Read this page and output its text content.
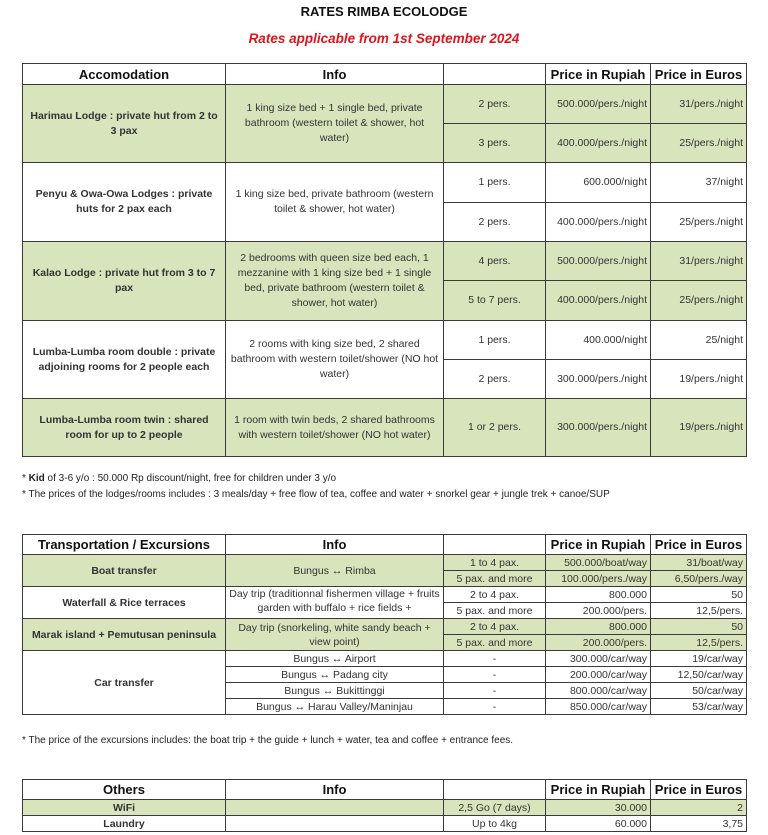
RATES RIMBA ECOLODGE
Rates applicable from 1st September 2024
Accomodation	Info		Price in Rupiah	Price in Euros
Harimau Lodge : private hut from 2 to 3 pax	1 king size bed + 1 single bed, private bathroom (western toilet & shower, hot water)	2 pers.	500.000/pers./night	31/pers./night
		3 pers.	400.000/pers./night	25/pers./night
Penyu & Owa-Owa Lodges : private huts for 2 pax each	1 king size bed, private bathroom (western toilet & shower, hot water)	1 pers.	600.000/night	37/night
		2 pers.	400.000/pers./night	25/pers./night
Kalao Lodge : private hut from 3 to 7 pax	2 bedrooms with queen size bed each, 1 mezzanine with 1 king size bed + 1 single bed, private bathroom (western toilet & shower, hot water)	4 pers.	500.000/pers./night	31/pers./night
		5 to 7 pers.	400.000/pers./night	25/pers./night
Lumba-Lumba room double : private adjoining rooms for 2 people each	2 rooms with king size bed, 2 shared bathroom with western toilet/shower (NO hot water)	1 pers.	400.000/night	25/night
		2 pers.	300.000/pers./night	19/pers./night
Lumba-Lumba room twin : shared room for up to 2 people	1 room with twin beds, 2 shared bathrooms with western toilet/shower (NO hot water)	1 or 2 pers.	300.000/pers./night	19/pers./night
* Kid of 3-6 y/o : 50.000 Rp discount/night, free for children under 3 y/o
* The prices of the lodges/rooms includes : 3 meals/day + free flow of tea, coffee and water + snorkel gear + jungle trek + canoe/SUP
Transportation / Excursions	Info		Price in Rupiah	Price in Euros
Boat transfer	Bungus ↔ Rimba	1 to 4 pax.	500.000/boat/way	31/boat/way
		5 pax. and more	100.000/pers./way	6,50/pers./way
Waterfall & Rice terraces	Day trip (traditionnal fishermen village + fruits garden with buffalo + rice fields +	2 to 4 pax.	800.000	50
		5 pax. and more	200.000/pers.	12,5/pers.
Marak island + Pemutusan peninsula	Day trip (snorkeling, white sandy beach + view point)	2 to 4 pax.	800.000	50
		5 pax. and more	200.000/pers.	12,5/pers.
Car transfer	Bungus ↔ Airport	-	300.000/car/way	19/car/way
	Bungus ↔ Padang city	-	200.000/car/way	12,50/car/way
	Bungus ↔ Bukittinggi	-	800.000/car/way	50/car/way
	Bungus ↔ Harau Valley/Maninjau	-	850.000/car/way	53/car/way
* The price of the excursions includes: the boat trip + the guide + lunch + water, tea and coffee + entrance fees.
Others	Info		Price in Rupiah	Price in Euros
WiFi		2,5 Go (7 days)	30.000	2
Laundry		Up to 4kg	60.000	3,75
